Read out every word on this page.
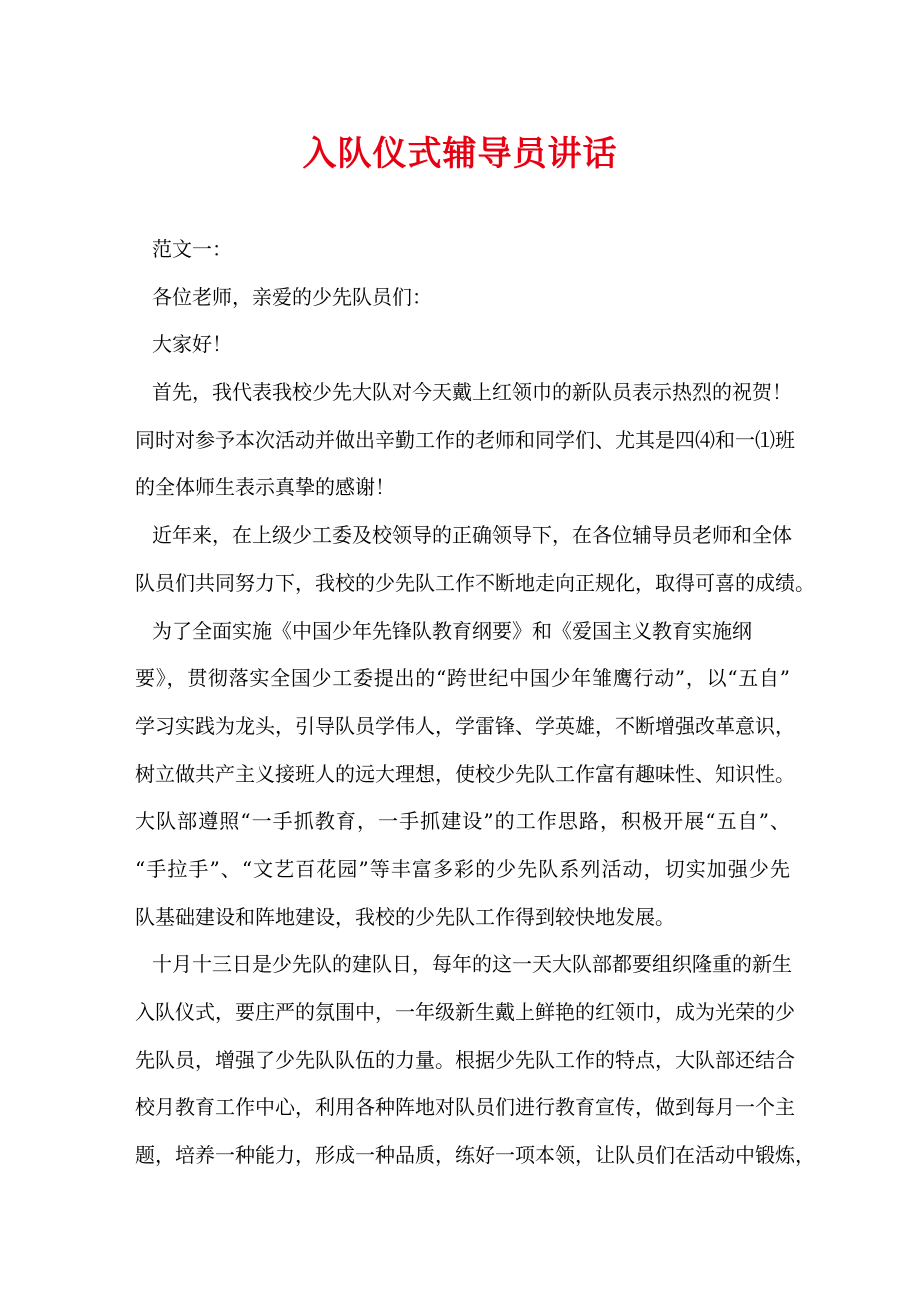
入队仪式辅导员讲话
范文一：
各位老师，亲爱的少先队员们：
大家好！
首先，我代表我校少先大队对今天戴上红领巾的新队员表示热烈的祝贺！
同时对参予本次活动并做出辛勤工作的老师和同学们、尤其是四⑷和一⑴班
的全体师生表示真挚的感谢！
近年来，在上级少工委及校领导的正确领导下，在各位辅导员老师和全体
队员们共同努力下，我校的少先队工作不断地走向正规化，取得可喜的成绩。
为了全面实施《中国少年先锋队教育纲要》和《爱国主义教育实施纲
要》，贯彻落实全国少工委提出的“跨世纪中国少年雏鹰行动”，以“五自”
学习实践为龙头，引导队员学伟人，学雷锋、学英雄，不断增强改革意识，
树立做共产主义接班人的远大理想，使校少先队工作富有趣味性、知识性。
大队部遵照“一手抓教育，一手抓建设”的工作思路，积极开展“五自”、
“手拉手”、“文艺百花园”等丰富多彩的少先队系列活动，切实加强少先
队基础建设和阵地建设，我校的少先队工作得到较快地发展。
十月十三日是少先队的建队日，每年的这一天大队部都要组织隆重的新生
入队仪式，要庄严的氛围中，一年级新生戴上鲜艳的红领巾，成为光荣的少
先队员，增强了少先队队伍的力量。根据少先队工作的特点，大队部还结合
校月教育工作中心，利用各种阵地对队员们进行教育宣传，做到每月一个主
题，培养一种能力，形成一种品质，练好一项本领，让队员们在活动中锻炼，
